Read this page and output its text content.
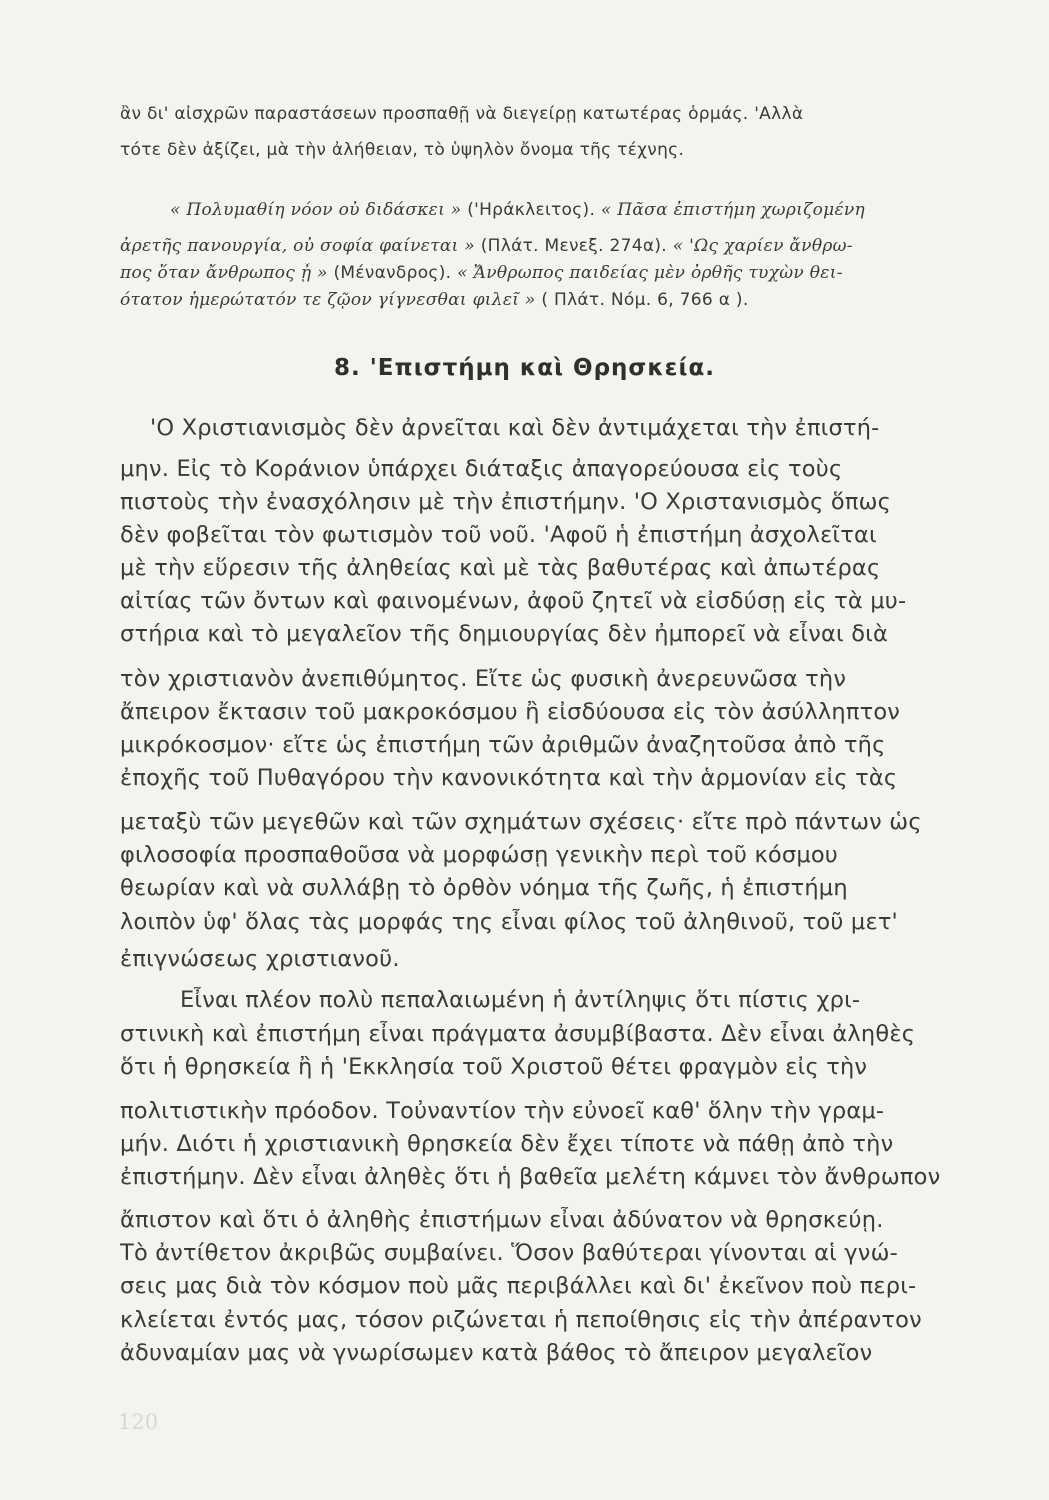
ἂν δι' αἰσχρῶν παραστάσεων προσπαθῇ νὰ διεγείρῃ κατωτέρας ὁρμάς. 'Αλλὰ
τότε δὲν ἀξίζει, μὰ τὴν ἀλήθειαν, τὸ ὑψηλὸν ὄνομα τῆς τέχνης.
« Πολυμαθίη νόον οὐ διδάσκει » ('Ηράκλειτος). « Πᾶσα ἐπιστήμη χωριζομένη
ἀρετῆς πανουργία, οὐ σοφία φαίνεται » (Πλάτ. Μενεξ. 274α). « 'Ως χαρίεν ἄνθρω-
πος ὅταν ἄνθρωπος ᾖ » (Μένανδρος). « Ἄνθρωπος παιδείας μὲν ὀρθῆς τυχὼν θει-
ότατον ἡμερώτατόν τε ζῷον γίγνεσθαι φιλεῖ » ( Πλάτ. Νόμ. 6, 766 α ).
8. 'Επιστήμη καὶ Θρησκεία.
'Ο Χριστιανισμὸς δὲν ἀρνεῖται καὶ δὲν ἀντιμάχεται τὴν ἐπιστή-
μην. Εἰς τὸ Κοράνιον ὑπάρχει διάταξις ἀπαγορεύουσα εἰς τοὺς
πιστοὺς τὴν ἐνασχόλησιν μὲ τὴν ἐπιστήμην. 'Ο Χριστανισμὸς ὅπως
δὲν φοβεῖται τὸν φωτισμὸν τοῦ νοῦ. 'Αφοῦ ἡ ἐπιστήμη ἀσχολεῖται
μὲ τὴν εὕρεσιν τῆς ἀληθείας καὶ μὲ τὰς βαθυτέρας καὶ ἀπωτέρας
αἰτίας τῶν ὄντων καὶ φαινομένων, ἀφοῦ ζητεῖ νὰ εἰσδύσῃ εἰς τὰ μυ-
στήρια καὶ τὸ μεγαλεῖον τῆς δημιουργίας δὲν ἠμπορεῖ νὰ εἶναι διὰ
τὸν χριστιανὸν ἀνεπιθύμητος. Εἴτε ὡς φυσικὴ ἀνερευνῶσα τὴν
ἄπειρον ἔκτασιν τοῦ μακροκόσμου ἢ εἰσδύουσα εἰς τὸν ἀσύλληπτον
μικρόκοσμον· εἴτε ὡς ἐπιστήμη τῶν ἀριθμῶν ἀναζητοῦσα ἀπὸ τῆς
ἐποχῆς τοῦ Πυθαγόρου τὴν κανονικότητα καὶ τὴν ἁρμονίαν εἰς τὰς
μεταξὺ τῶν μεγεθῶν καὶ τῶν σχημάτων σχέσεις· εἴτε πρὸ πάντων ὡς
φιλοσοφία προσπαθοῦσα νὰ μορφώσῃ γενικὴν περὶ τοῦ κόσμου
θεωρίαν καὶ νὰ συλλάβῃ τὸ ὀρθὸν νόημα τῆς ζωῆς, ἡ ἐπιστήμη
λοιπὸν ὑφ' ὅλας τὰς μορφάς της εἶναι φίλος τοῦ ἀληθινοῦ, τοῦ μετ'
ἐπιγνώσεως χριστιανοῦ.
Εἶναι πλέον πολὺ πεπαλαιωμένη ἡ ἀντίληψις ὅτι πίστις χρι-
στινικὴ καὶ ἐπιστήμη εἶναι πράγματα ἀσυμβίβαστα. Δὲν εἶναι ἀληθὲς
ὅτι ἡ θρησκεία ἢ ἡ 'Εκκλησία τοῦ Χριστοῦ θέτει φραγμὸν εἰς τὴν
πολιτιστικὴν πρόοδον. Τοὐναντίον τὴν εὐνοεῖ καθ' ὅλην τὴν γραμ-
μήν. Διότι ἡ χριστιανικὴ θρησκεία δὲν ἔχει τίποτε νὰ πάθῃ ἀπὸ τὴν
ἐπιστήμην. Δὲν εἶναι ἀληθὲς ὅτι ἡ βαθεῖα μελέτη κάμνει τὸν ἄνθρωπον
ἄπιστον καὶ ὅτι ὁ ἀληθὴς ἐπιστήμων εἶναι ἀδύνατον νὰ θρησκεύῃ.
Τὸ ἀντίθετον ἀκριβῶς συμβαίνει. Ὅσον βαθύτεραι γίνονται αἱ γνώ-
σεις μας διὰ τὸν κόσμον ποὺ μᾶς περιβάλλει καὶ δι' ἐκεῖνον ποὺ περι-
κλείεται ἐντός μας, τόσον ριζώνεται ἡ πεποίθησις εἰς τὴν ἀπέραντον
ἀδυναμίαν μας νὰ γνωρίσωμεν κατὰ βάθος τὸ ἄπειρον μεγαλεῖον
120
